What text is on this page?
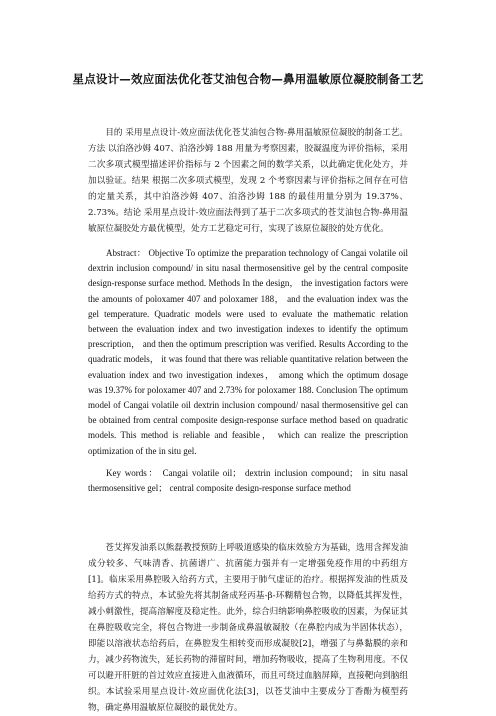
星点设计—效应面法优化苍艾油包合物—鼻用温敏原位凝胶制备工艺

目的 采用星点设计-效应面法优化苍艾油包合物-鼻用温敏原位凝胶的制备工艺。方法 以泊洛沙姆 407、泊洛沙姆 188 用量为考察因素，胶凝温度为评价指标，采用二次多项式模型描述评价指标与 2 个因素之间的数学关系，以此确定优化处方，并加以验证。结果 根据二次多项式模型，发现 2 个考察因素与评价指标之间存在可信的定量关系，其中泊洛沙姆 407、泊洛沙姆 188 的最佳用量分别为 19.37%、2.73%。结论 采用星点设计-效应面法得到了基于二次多项式的苍艾油包合物-鼻用温敏原位凝胶处方最优模型，处方工艺稳定可行，实现了该原位凝胶的处方优化。

Abstract： Objective To optimize the preparation technology of Cangai volatile oil dextrin inclusion compound/ in situ nasal thermosensitive gel by the central composite design-response surface method. Methods In the design， the investigation factors were the amounts of poloxamer 407 and poloxamer 188， and the evaluation index was the gel temperature. Quadratic models were used to evaluate the mathematic relation between the evaluation index and two investigation indexes to identify the optimum prescription， and then the optimum prescription was verified. Results According to the quadratic models， it was found that there was reliable quantitative relation between the evaluation index and two investigation indexes， among which the optimum dosage was 19.37% for poloxamer 407 and 2.73% for poloxamer 188. Conclusion The optimum model of Cangai volatile oil dextrin inclusion compound/ nasal thermosensitive gel can be obtained from central composite design-response surface method based on quadratic models. This method is reliable and feasible， which can realize the prescription optimization of the in situ gel.

Key words： Cangai volatile oil； dextrin inclusion compound； in situ nasal thermosensitive gel； central composite design-response surface method

苍艾挥发油系以熊磊教授预防上呼吸道感染的临床效验方为基础，选用含挥发油成分较多、气味清香、抗菌谱广、抗菌能力强并有一定增强免疫作用的中药组方[1]。临床采用鼻腔吸入给药方式，主要用于肺气虚证的治疗。根据挥发油的性质及给药方式的特点，本试验先将其制备成羟丙基-β-环糊精包合物，以降低其挥发性，减小刺激性，提高溶解度及稳定性。此外，综合归纳影响鼻腔吸收的因素，为保证其在鼻腔吸收完全，将包合物进一步制备成鼻温敏凝胶（在鼻腔内成为半固体状态），即能以溶液状态给药后，在鼻腔发生相转变而形成凝胶[2]，增强了与鼻黏膜的亲和力，减少药物流失，延长药物的滞留时间，增加药物吸收，提高了生物利用度。不仅可以避开肝脏的首过效应直接进入血液循环，而且可绕过血脑屏障，直接靶向到脑组织。本试验采用星点设计-效应面优化法[3]，以苍艾油中主要成分丁香酚为模型药物，确定鼻用温敏原位凝胶的最优处方。
